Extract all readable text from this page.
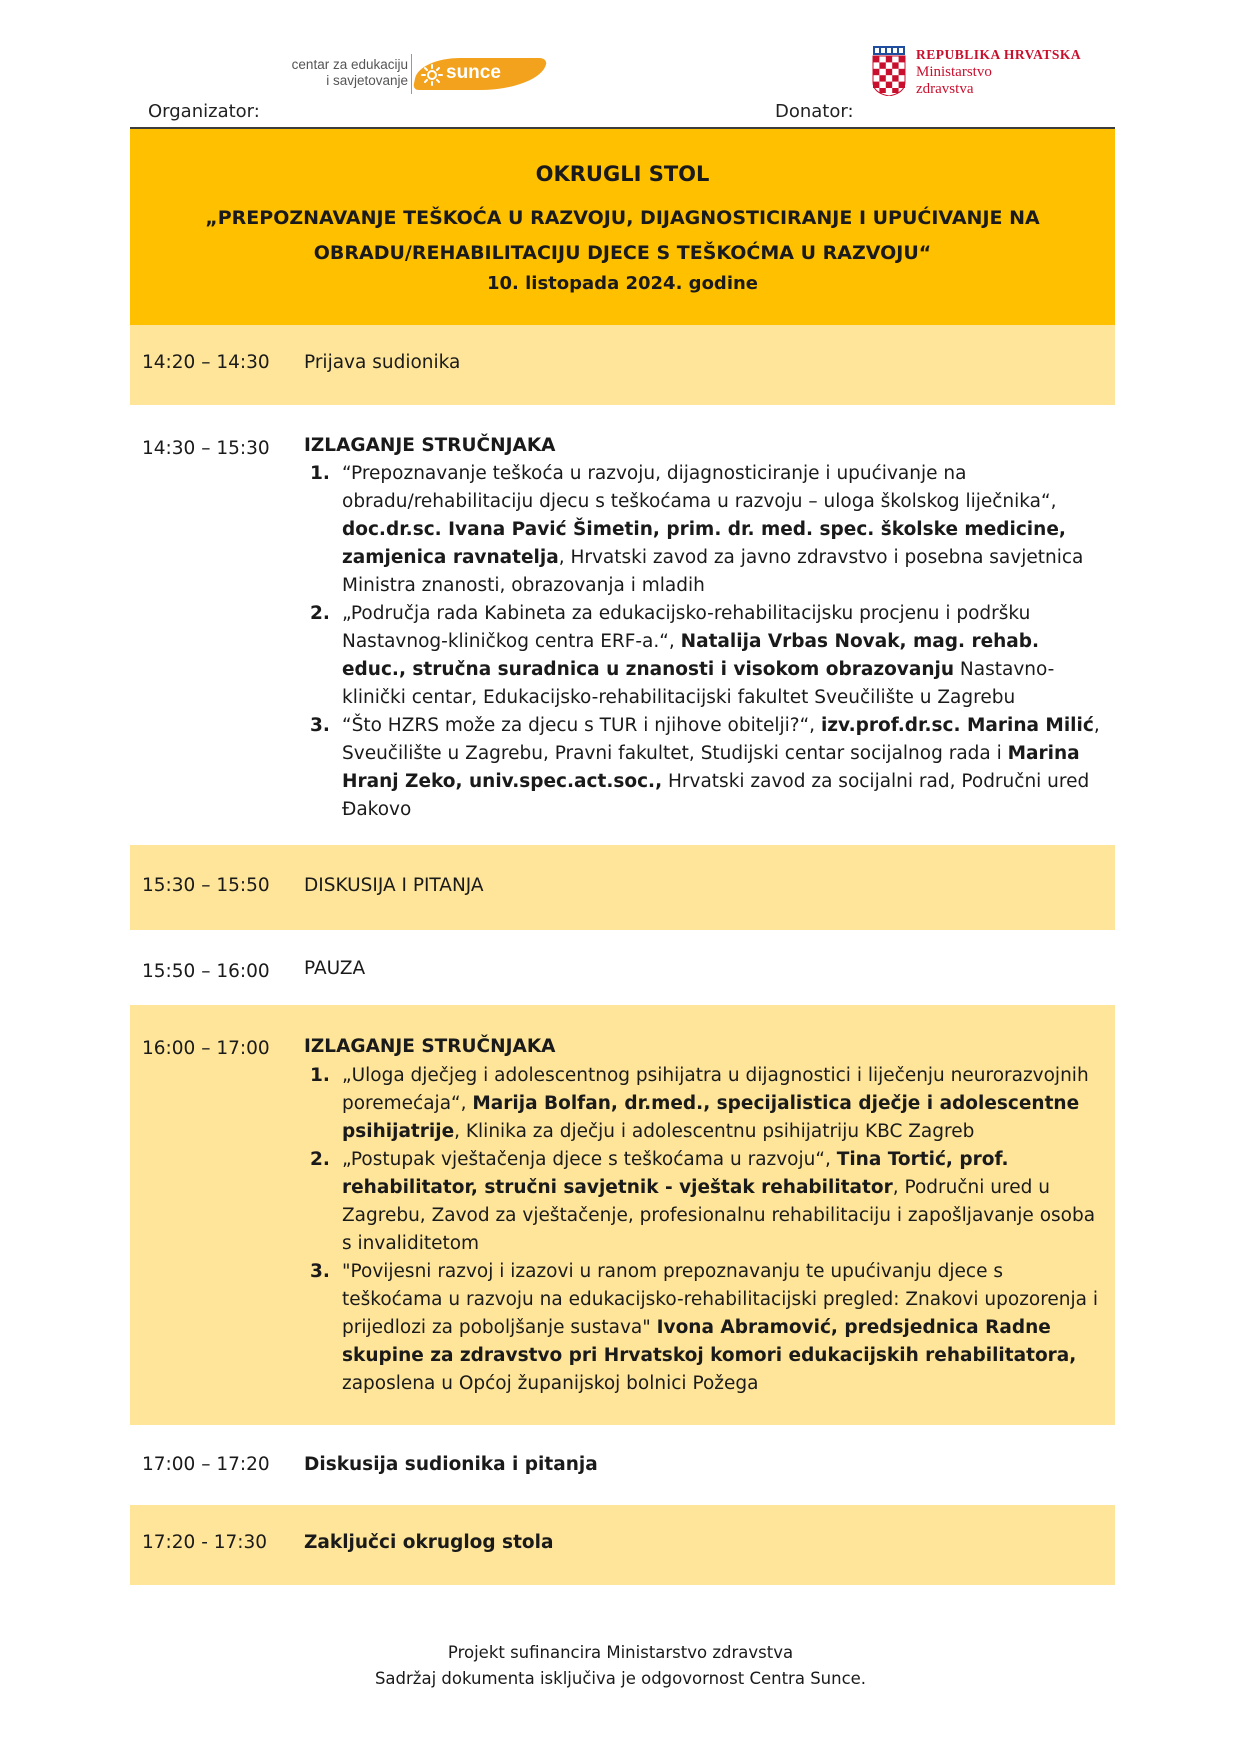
centar za edukaciju
i savjetovanje sunce
REPUBLIKA HRVATSKA
Ministarstvo
zdravstva
Organizator:	Donator:
OKRUGLI STOL
„PREPOZNAVANJE TEŠKOĆA U RAZVOJU, DIJAGNOSTICIRANJE I UPUĆIVANJE NA
OBRADU/REHABILITACIJU DJECE S TEŠKOĆMA U RAZVOJU“
10. listopada 2024. godine
14:20 – 14:30 Prijava sudionika
14:30 – 15:30 IZLAGANJE STRUČNJAKA
1. “Prepoznavanje teškoća u razvoju, dijagnosticiranje i upućivanje na obradu/rehabilitaciju djecu s teškoćama u razvoju – uloga školskog liječnika“, doc.dr.sc. Ivana Pavić Šimetin, prim. dr. med. spec. školske medicine, zamjenica ravnatelja, Hrvatski zavod za javno zdravstvo i posebna savjetnica Ministra znanosti, obrazovanja i mladih
2. „Područja rada Kabineta za edukacijsko-rehabilitacijsku procjenu i podršku Nastavnog-kliničkog centra ERF-a.“, Natalija Vrbas Novak, mag. rehab. educ., stručna suradnica u znanosti i visokom obrazovanju Nastavno-klinički centar, Edukacijsko-rehabilitacijski fakultet Sveučilište u Zagrebu
3. “Što HZRS može za djecu s TUR i njihove obitelji?“, izv.prof.dr.sc. Marina Milić, Sveučilište u Zagrebu, Pravni fakultet, Studijski centar socijalnog rada i Marina Hranj Zeko, univ.spec.act.soc., Hrvatski zavod za socijalni rad, Područni ured Đakovo
15:30 – 15:50 DISKUSIJA I PITANJA
15:50 – 16:00 PAUZA
16:00 – 17:00 IZLAGANJE STRUČNJAKA
1. „Uloga dječjeg i adolescentnog psihijatra u dijagnostici i liječenju neurorazvojnih poremećaja“, Marija Bolfan, dr.med., specijalistica dječje i adolescentne psihijatrije, Klinika za dječju i adolescentnu psihijatriju KBC Zagreb
2. „Postupak vještačenja djece s teškoćama u razvoju“, Tina Tortić, prof. rehabilitator, stručni savjetnik - vještak rehabilitator, Područni ured u Zagrebu, Zavod za vještačenje, profesionalnu rehabilitaciju i zapošljavanje osoba s invaliditetom
3. "Povijesni razvoj i izazovi u ranom prepoznavanju te upućivanju djece s teškoćama u razvoju na edukacijsko-rehabilitacijski pregled: Znakovi upozorenja i prijedlozi za poboljšanje sustava" Ivona Abramović, predsjednica Radne skupine za zdravstvo pri Hrvatskoj komori edukacijskih rehabilitatora, zaposlena u Općoj županijskoj bolnici Požega
17:00 – 17:20 Diskusija sudionika i pitanja
17:20 - 17:30 Zaključci okruglog stola
Projekt sufinancira Ministarstvo zdravstva
Sadržaj dokumenta isključiva je odgovornost Centra Sunce.
